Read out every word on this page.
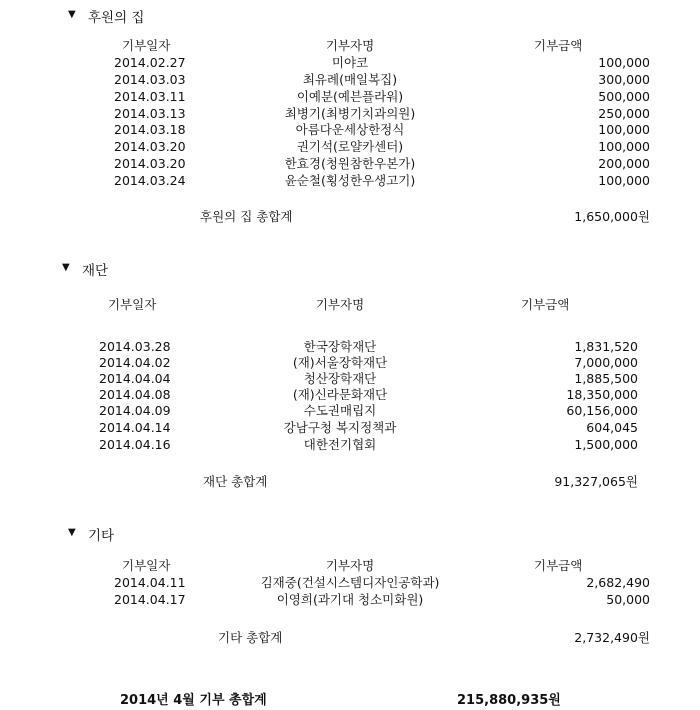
▼ 후원의 집
기부일자	기부자명	기부금액
2014.02.27	미야코	100,000
2014.03.03	최유례(매일복집)	300,000
2014.03.11	이예분(예븐플라워)	500,000
2014.03.13	최병기(최병기치과의원)	250,000
2014.03.18	아름다운세상한정식	100,000
2014.03.20	권기석(로얄카센터)	100,000
2014.03.20	한효경(청원참한우본가)	200,000
2014.03.24	윤순철(횡성한우생고기)	100,000
후원의 집 총합계	1,650,000원
▼ 재단
기부일자	기부자명	기부금액
2014.03.28	한국장학재단	1,831,520
2014.04.02	(재)서울장학재단	7,000,000
2014.04.04	청산장학재단	1,885,500
2014.04.08	(재)신라문화재단	18,350,000
2014.04.09	수도권매립지	60,156,000
2014.04.14	강남구청 복지정책과	604,045
2014.04.16	대한전기협회	1,500,000
재단 총합계	91,327,065원
▼ 기타
기부일자	기부자명	기부금액
2014.04.11	김재중(건설시스템디자인공학과)	2,682,490
2014.04.17	이영희(과기대 청소미화원)	50,000
기타 총합계	2,732,490원
2014년 4월 기부 총합계	215,880,935원
